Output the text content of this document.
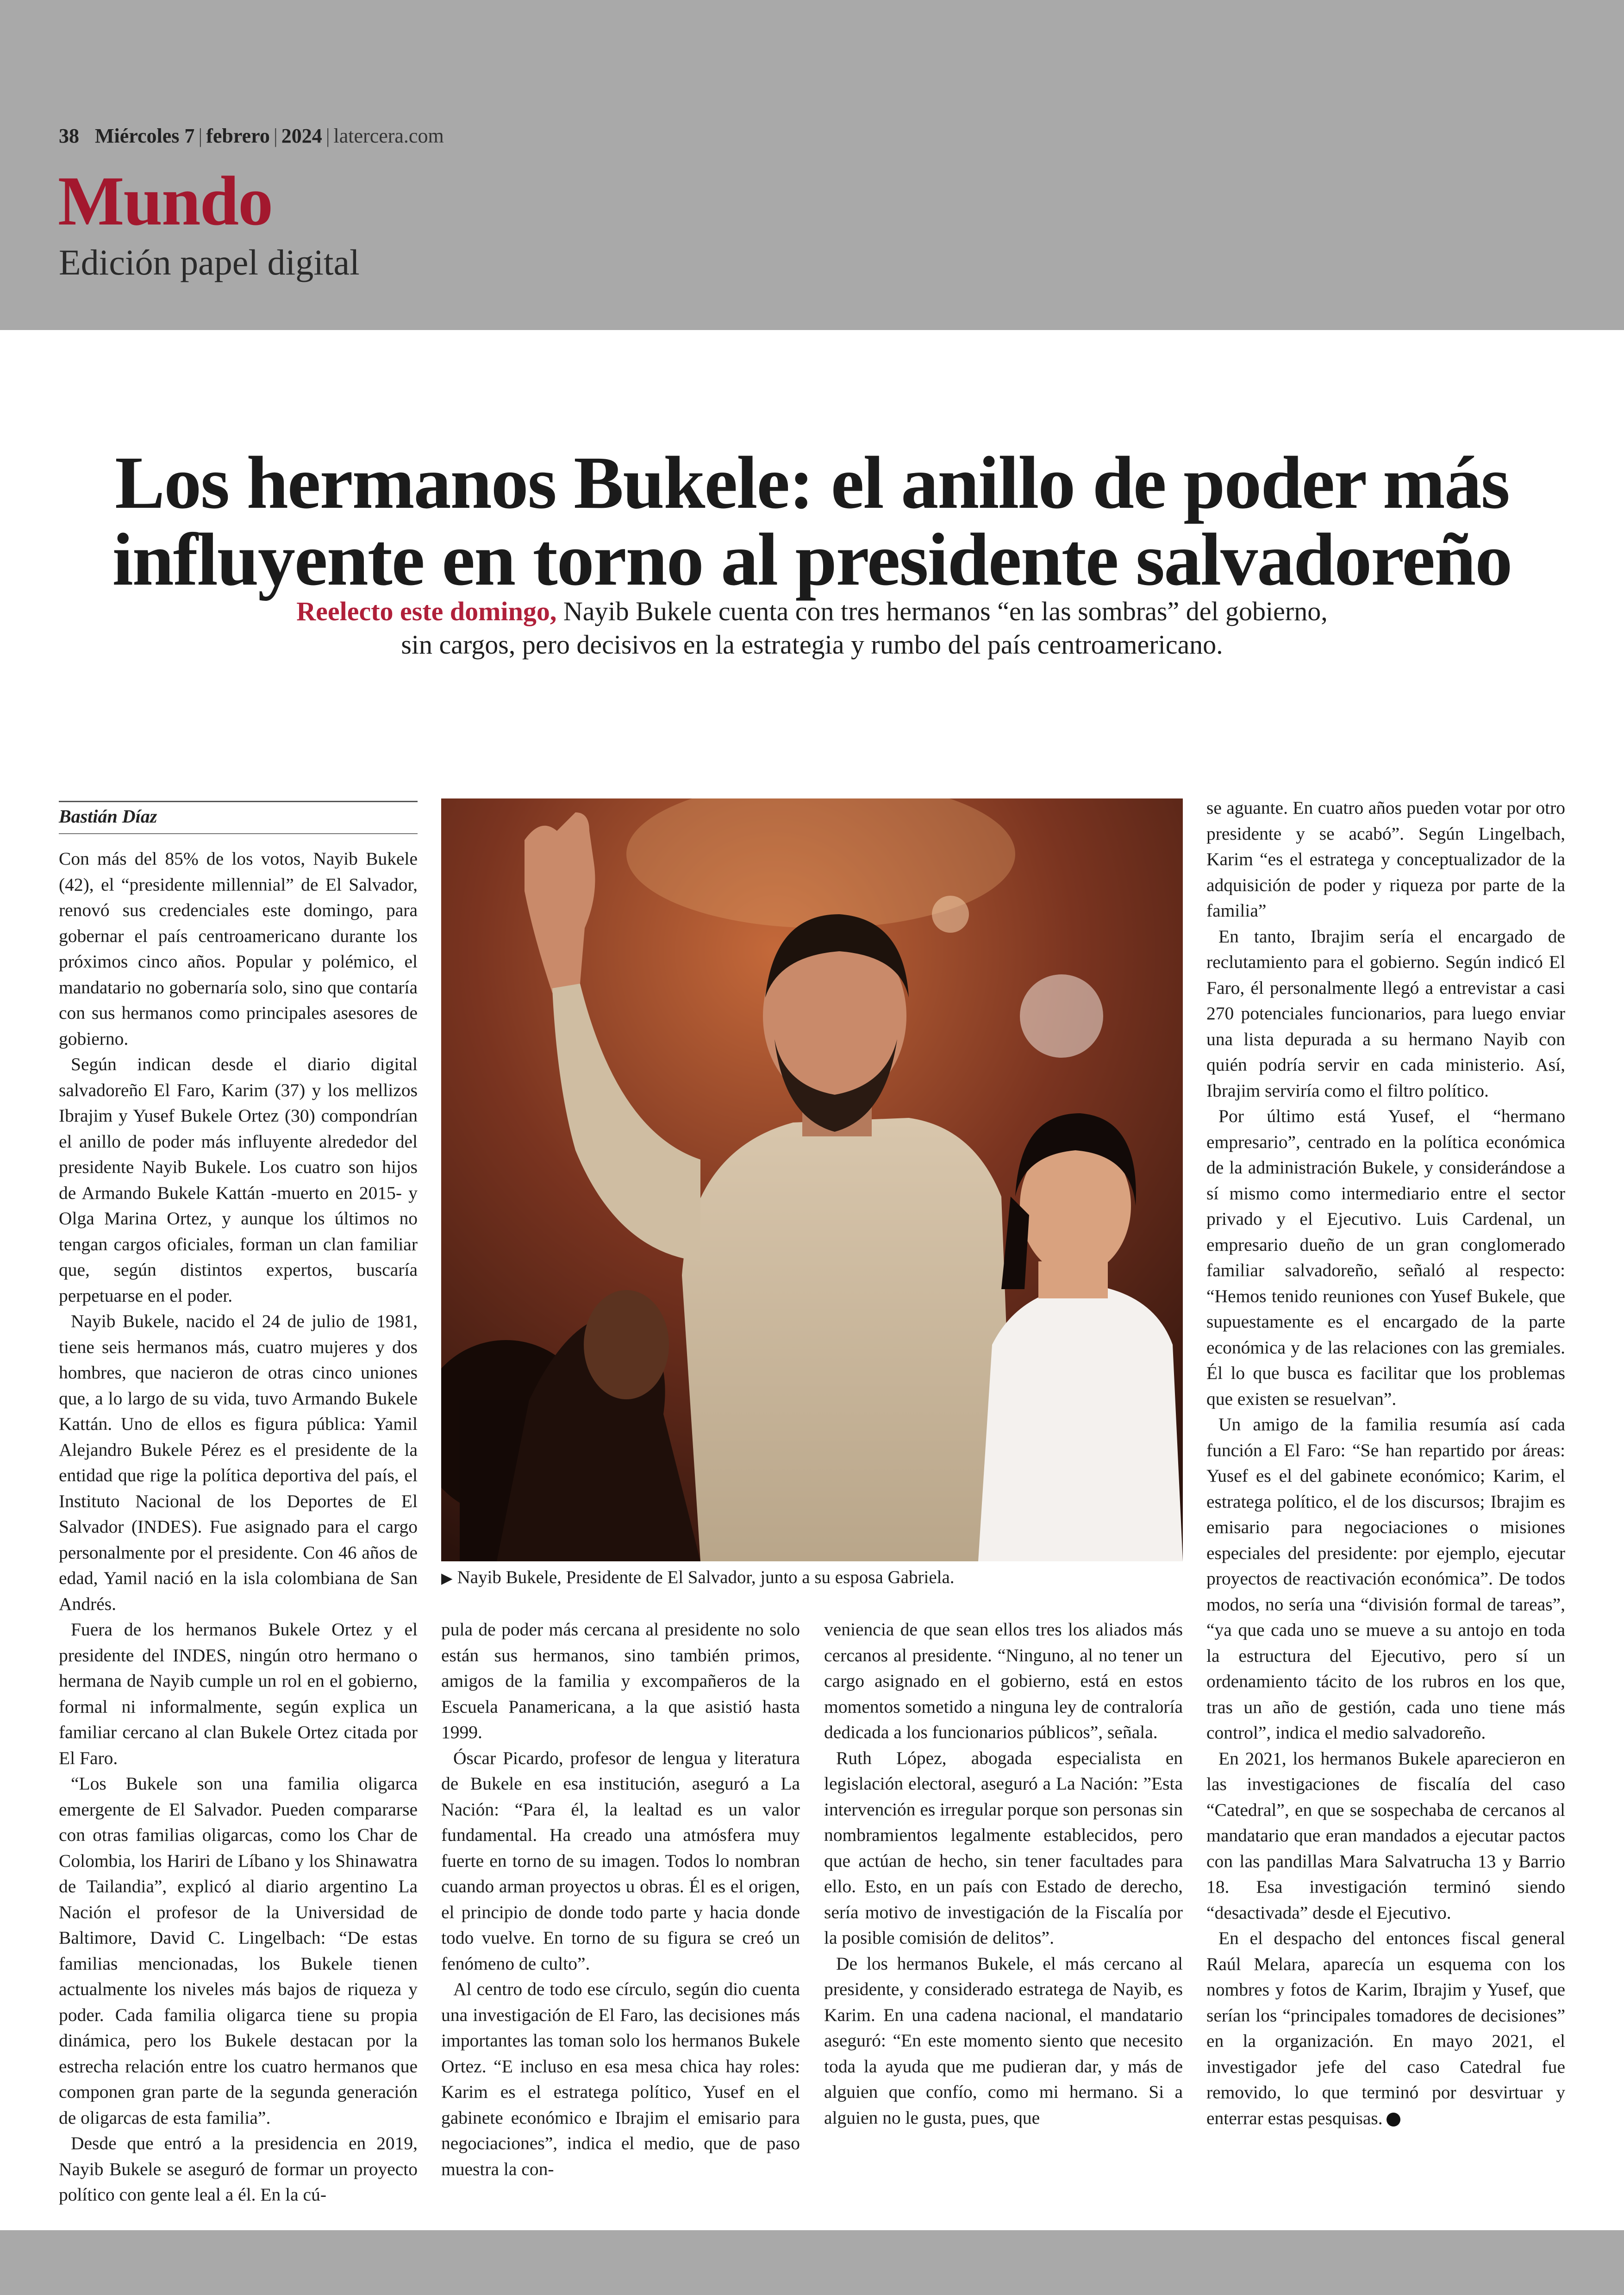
38 Miércoles 7 | febrero | 2024 | latercera.com
Mundo
Edición papel digital
Los hermanos Bukele: el anillo de poder más
influyente en torno al presidente salvadoreño
Reelecto este domingo, Nayib Bukele cuenta con tres hermanos “en las sombras” del gobierno,
sin cargos, pero decisivos en la estrategia y rumbo del país centroamericano.
Bastián Díaz

Con más del 85% de los votos, Nayib Bukele (42), el “presidente millennial” de El Salvador, renovó sus credenciales este domingo, para gobernar el país centroamericano durante los próximos cinco años. Popular y polémico, el mandatario no gobernaría solo, sino que contaría con sus hermanos como principales asesores de gobierno.

Según indican desde el diario digital salvadoreño El Faro, Karim (37) y los mellizos Ibrajim y Yusef Bukele Ortez (30) compondrían el anillo de poder más influyente alrededor del presidente Nayib Bukele. Los cuatro son hijos de Armando Bukele Kattán -muerto en 2015- y Olga Marina Ortez, y aunque los últimos no tengan cargos oficiales, forman un clan familiar que, según distintos expertos, buscaría perpetuarse en el poder.

Nayib Bukele, nacido el 24 de julio de 1981, tiene seis hermanos más, cuatro mujeres y dos hombres, que nacieron de otras cinco uniones que, a lo largo de su vida, tuvo Armando Bukele Kattán. Uno de ellos es figura pública: Yamil Alejandro Bukele Pérez es el presidente de la entidad que rige la política deportiva del país, el Instituto Nacional de los Deportes de El Salvador (INDES). Fue asignado para el cargo personalmente por el presidente. Con 46 años de edad, Yamil nació en la isla colombiana de San Andrés.

Fuera de los hermanos Bukele Ortez y el presidente del INDES, ningún otro hermano o hermana de Nayib cumple un rol en el gobierno, formal ni informalmente, según explica un familiar cercano al clan Bukele Ortez citada por El Faro.

“Los Bukele son una familia oligarca emergente de El Salvador. Pueden compararse con otras familias oligarcas, como los Char de Colombia, los Hariri de Líbano y los Shinawatra de Tailandia”, explicó al diario argentino La Nación el profesor de la Universidad de Baltimore, David C. Lingelbach: “De estas familias mencionadas, los Bukele tienen actualmente los niveles más bajos de riqueza y poder. Cada familia oligarca tiene su propia dinámica, pero los Bukele destacan por la estrecha relación entre los cuatro hermanos que componen gran parte de la segunda generación de oligarcas de esta familia”.

Desde que entró a la presidencia en 2019, Nayib Bukele se aseguró de formar un proyecto político con gente leal a él. En la cú-

▶ Nayib Bukele, Presidente de El Salvador, junto a su esposa Gabriela.

pula de poder más cercana al presidente no solo están sus hermanos, sino también primos, amigos de la familia y excompañeros de la Escuela Panamericana, a la que asistió hasta 1999.

Óscar Picardo, profesor de lengua y literatura de Bukele en esa institución, aseguró a La Nación: “Para él, la lealtad es un valor fundamental. Ha creado una atmósfera muy fuerte en torno de su imagen. Todos lo nombran cuando arman proyectos u obras. Él es el origen, el principio de donde todo parte y hacia donde todo vuelve. En torno de su figura se creó un fenómeno de culto”.

Al centro de todo ese círculo, según dio cuenta una investigación de El Faro, las decisiones más importantes las toman solo los hermanos Bukele Ortez. “E incluso en esa mesa chica hay roles: Karim es el estratega político, Yusef en el gabinete económico e Ibrajim el emisario para negociaciones”, indica el medio, que de paso muestra la con-

veniencia de que sean ellos tres los aliados más cercanos al presidente. “Ninguno, al no tener un cargo asignado en el gobierno, está en estos momentos sometido a ninguna ley de contraloría dedicada a los funcionarios públicos”, señala.

Ruth López, abogada especialista en legislación electoral, aseguró a La Nación: ”Esta intervención es irregular porque son personas sin nombramientos legalmente establecidos, pero que actúan de hecho, sin tener facultades para ello. Esto, en un país con Estado de derecho, sería motivo de investigación de la Fiscalía por la posible comisión de delitos”.

De los hermanos Bukele, el más cercano al presidente, y considerado estratega de Nayib, es Karim. En una cadena nacional, el mandatario aseguró: “En este momento siento que necesito toda la ayuda que me pudieran dar, y más de alguien que confío, como mi hermano. Si a alguien no le gusta, pues, que

se aguante. En cuatro años pueden votar por otro presidente y se acabó”. Según Lingelbach, Karim “es el estratega y conceptualizador de la adquisición de poder y riqueza por parte de la familia”

En tanto, Ibrajim sería el encargado de reclutamiento para el gobierno. Según indicó El Faro, él personalmente llegó a entrevistar a casi 270 potenciales funcionarios, para luego enviar una lista depurada a su hermano Nayib con quién podría servir en cada ministerio. Así, Ibrajim serviría como el filtro político.

Por último está Yusef, el “hermano empresario”, centrado en la política económica de la administración Bukele, y considerándose a sí mismo como intermediario entre el sector privado y el Ejecutivo. Luis Cardenal, un empresario dueño de un gran conglomerado familiar salvadoreño, señaló al respecto: “Hemos tenido reuniones con Yusef Bukele, que supuestamente es el encargado de la parte económica y de las relaciones con las gremiales. Él lo que busca es facilitar que los problemas que existen se resuelvan”.

Un amigo de la familia resumía así cada función a El Faro: “Se han repartido por áreas: Yusef es el del gabinete económico; Karim, el estratega político, el de los discursos; Ibrajim es emisario para negociaciones o misiones especiales del presidente: por ejemplo, ejecutar proyectos de reactivación económica”. De todos modos, no sería una “división formal de tareas”, “ya que cada uno se mueve a su antojo en toda la estructura del Ejecutivo, pero sí un ordenamiento tácito de los rubros en los que, tras un año de gestión, cada uno tiene más control”, indica el medio salvadoreño.

En 2021, los hermanos Bukele aparecieron en las investigaciones de fiscalía del caso “Catedral”, en que se sospechaba de cercanos al mandatario que eran mandados a ejecutar pactos con las pandillas Mara Salvatrucha 13 y Barrio 18. Esa investigación terminó siendo “desactivada” desde el Ejecutivo.

En el despacho del entonces fiscal general Raúl Melara, aparecía un esquema con los nombres y fotos de Karim, Ibrajim y Yusef, que serían los “principales tomadores de decisiones” en la organización. En mayo 2021, el investigador jefe del caso Catedral fue removido, lo que terminó por desvirtuar y enterrar estas pesquisas.
